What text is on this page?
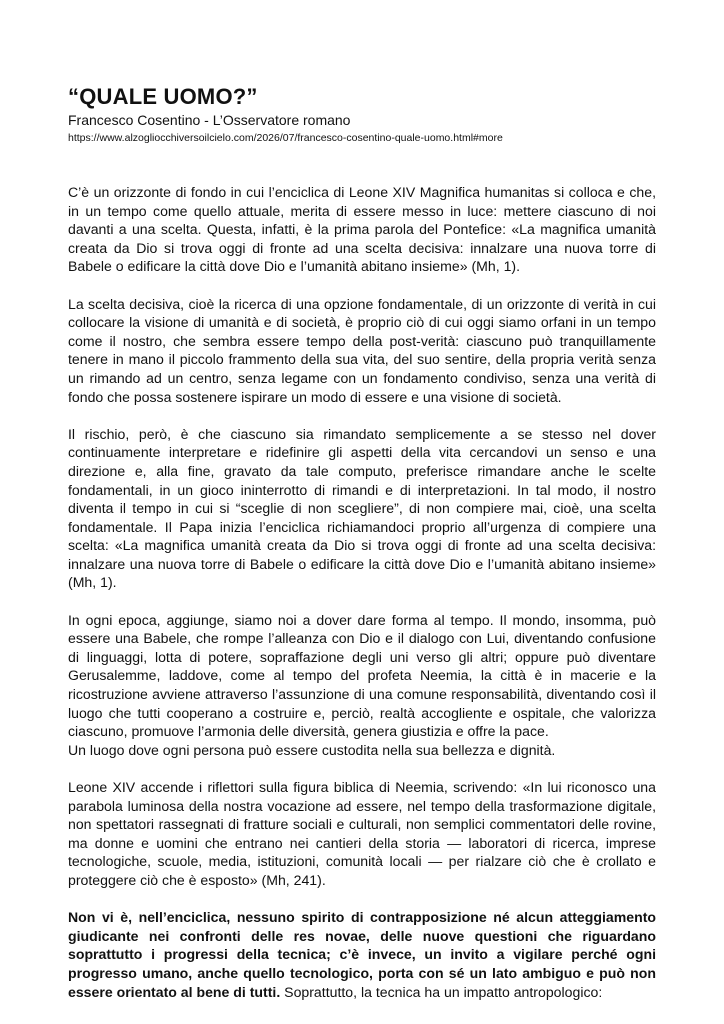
“QUALE UOMO?”

Francesco Cosentino - L’Osservatore romano

https://www.alzogliocchiversoilcielo.com/2026/07/francesco-cosentino-quale-uomo.html#more

C’è un orizzonte di fondo in cui l’enciclica di Leone XIV Magnifica humanitas si colloca e che, in un tempo come quello attuale, merita di essere messo in luce: mettere ciascuno di noi davanti a una scelta. Questa, infatti, è la prima parola del Pontefice: «La magnifica umanità creata da Dio si trova oggi di fronte ad una scelta decisiva: innalzare una nuova torre di Babele o edificare la città dove Dio e l’umanità abitano insieme» (Mh, 1).

La scelta decisiva, cioè la ricerca di una opzione fondamentale, di un orizzonte di verità in cui collocare la visione di umanità e di società, è proprio ciò di cui oggi siamo orfani in un tempo come il nostro, che sembra essere tempo della post-verità: ciascuno può tranquillamente tenere in mano il piccolo frammento della sua vita, del suo sentire, della propria verità senza un rimando ad un centro, senza legame con un fondamento condiviso, senza una verità di fondo che possa sostenere ispirare un modo di essere e una visione di società.

Il rischio, però, è che ciascuno sia rimandato semplicemente a se stesso nel dover continuamente interpretare e ridefinire gli aspetti della vita cercandovi un senso e una direzione e, alla fine, gravato da tale computo, preferisce rimandare anche le scelte fondamentali, in un gioco ininterrotto di rimandi e di interpretazioni. In tal modo, il nostro diventa il tempo in cui si “sceglie di non scegliere”, di non compiere mai, cioè, una scelta fondamentale. Il Papa inizia l’enciclica richiamandoci proprio all’urgenza di compiere una scelta: «La magnifica umanità creata da Dio si trova oggi di fronte ad una scelta decisiva: innalzare una nuova torre di Babele o edificare la città dove Dio e l’umanità abitano insieme» (Mh, 1).

In ogni epoca, aggiunge, siamo noi a dover dare forma al tempo. Il mondo, insomma, può essere una Babele, che rompe l’alleanza con Dio e il dialogo con Lui, diventando confusione di linguaggi, lotta di potere, sopraffazione degli uni verso gli altri; oppure può diventare Gerusalemme, laddove, come al tempo del profeta Neemia, la città è in macerie e la ricostruzione avviene attraverso l’assunzione di una comune responsabilità, diventando così il luogo che tutti cooperano a costruire e, perciò, realtà accogliente e ospitale, che valorizza ciascuno, promuove l’armonia delle diversità, genera giustizia e offre la pace.

Un luogo dove ogni persona può essere custodita nella sua bellezza e dignità.

Leone XIV accende i riflettori sulla figura biblica di Neemia, scrivendo: «In lui riconosco una parabola luminosa della nostra vocazione ad essere, nel tempo della trasformazione digitale, non spettatori rassegnati di fratture sociali e culturali, non semplici commentatori delle rovine, ma donne e uomini che entrano nei cantieri della storia — laboratori di ricerca, imprese tecnologiche, scuole, media, istituzioni, comunità locali — per rialzare ciò che è crollato e proteggere ciò che è esposto» (Mh, 241).

Non vi è, nell’enciclica, nessuno spirito di contrapposizione né alcun atteggiamento giudicante nei confronti delle res novae, delle nuove questioni che riguardano soprattutto i progressi della tecnica; c’è invece, un invito a vigilare perché ogni progresso umano, anche quello tecnologico, porta con sé un lato ambiguo e può non essere orientato al bene di tutti. Soprattutto, la tecnica ha un impatto antropologico:
